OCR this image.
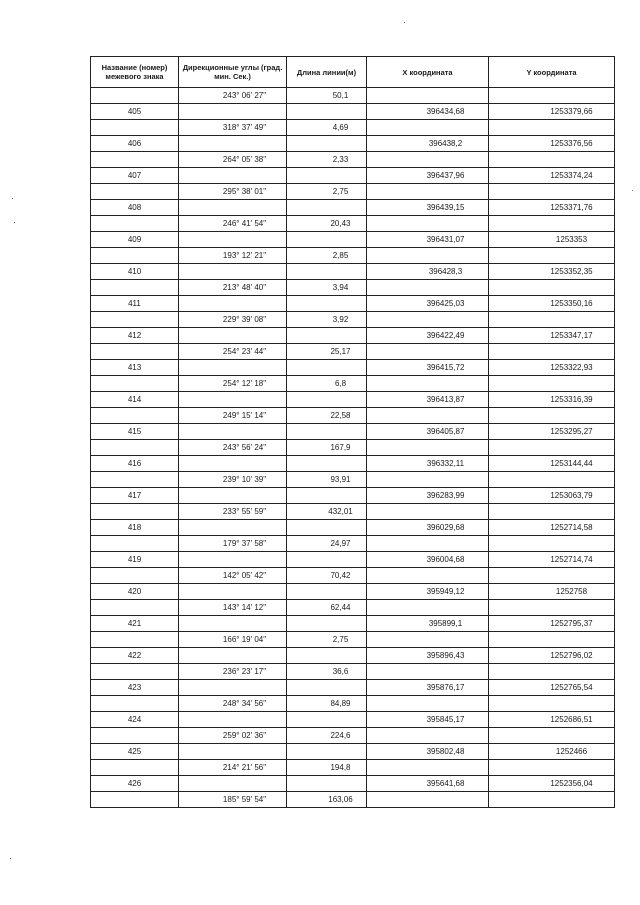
Название (номер) межевого знака	Дирекционные углы (град. мин. Сек.)	Длина линии(м)	X координата	Y координата
	243° 06' 27"	50,1		
405			396434,68	1253379,66
	318° 37' 49"	4,69		
406			396438,2	1253376,56
	264° 05' 38"	2,33		
407			396437,96	1253374,24
	295° 38' 01"	2,75		
408			396439,15	1253371,76
	246° 41' 54"	20,43		
409			396431,07	1253353
	193° 12' 21"	2,85		
410			396428,3	1253352,35
	213° 48' 40"	3,94		
411			396425,03	1253350,16
	229° 39' 08"	3,92		
412			396422,49	1253347,17
	254° 23' 44"	25,17		
413			396415,72	1253322,93
	254° 12' 18"	6,8		
414			396413,87	1253316,39
	249° 15' 14"	22,58		
415			396405,87	1253295,27
	243° 56' 24"	167,9		
416			396332,11	1253144,44
	239° 10' 39"	93,91		
417			396283,99	1253063,79
	233° 55' 59"	432,01		
418			396029,68	1252714,58
	179° 37' 58"	24,97		
419			396004,68	1252714,74
	142° 05' 42"	70,42		
420			395949,12	1252758
	143° 14' 12"	62,44		
421			395899,1	1252795,37
	166° 19' 04"	2,75		
422			395896,43	1252796,02
	236° 23' 17"	36,6		
423			395876,17	1252765,54
	248° 34' 56"	84,89		
424			395845,17	1252686,51
	259° 02' 36"	224,6		
425			395802,48	1252466
	214° 21' 56"	194,8		
426			395641,68	1252356,04
	185° 59' 54"	163,06		
